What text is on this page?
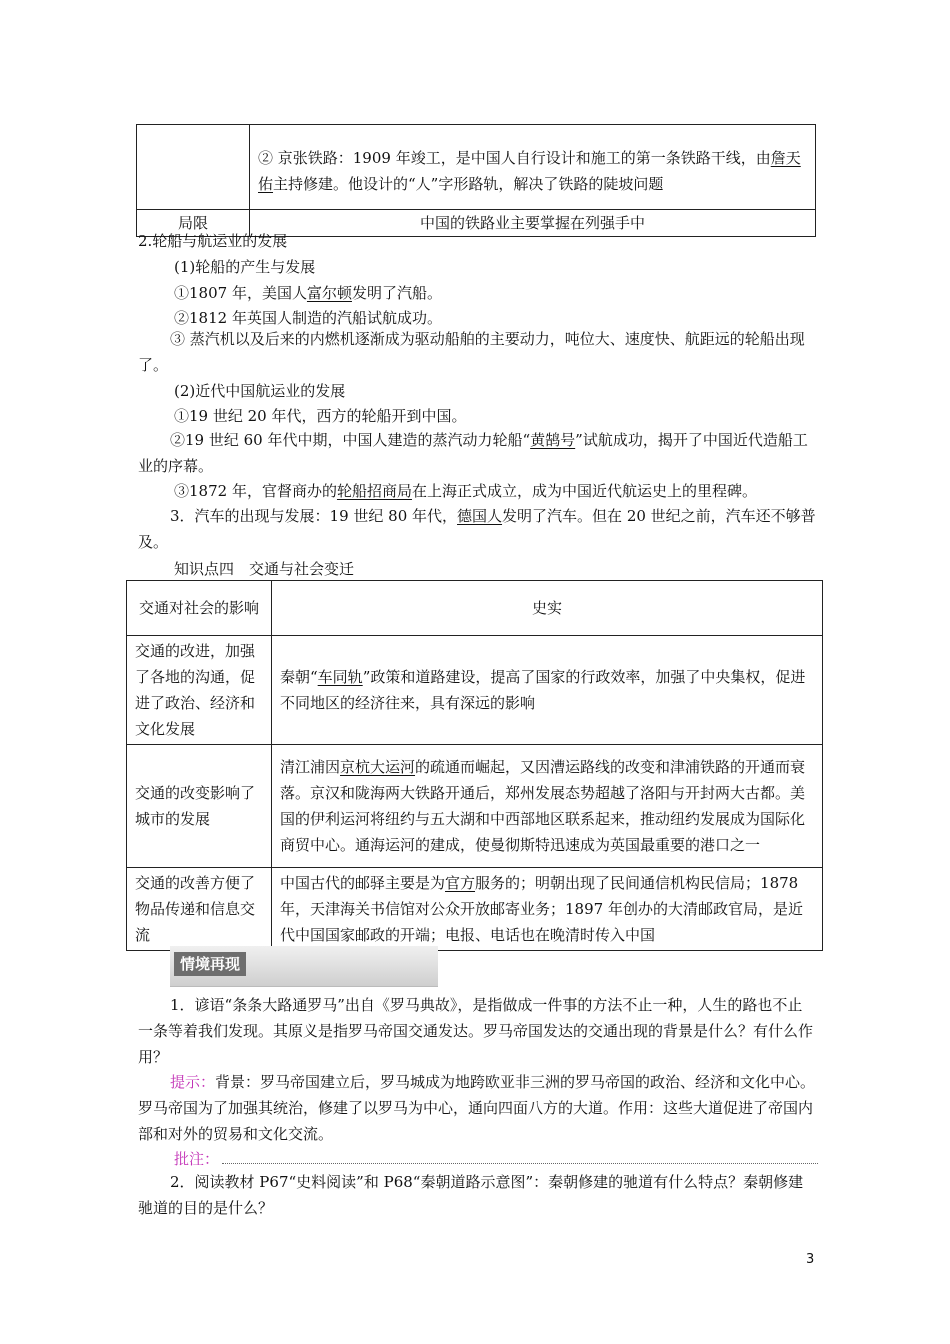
	② 京张铁路：1909 年竣工，是中国人自行设计和施工的第一条铁路干线，由詹天佑主持修建。他设计的“人”字形路轨，解决了铁路的陡坡问题
局限	中国的铁路业主要掌握在列强手中

2.轮船与航运业的发展

(1)轮船的产生与发展

①1807 年，美国人富尔顿发明了汽船。

②1812 年英国人制造的汽船试航成功。

③ 蒸汽机以及后来的内燃机逐渐成为驱动船舶的主要动力，吨位大、速度快、航距远的轮船出现了。

(2)近代中国航运业的发展

①19 世纪 20 年代，西方的轮船开到中国。

②19 世纪 60 年代中期，中国人建造的蒸汽动力轮船“黄鹄号”试航成功，揭开了中国近代造船工业的序幕。

③1872 年，官督商办的轮船招商局在上海正式成立，成为中国近代航运史上的里程碑。

3．汽车的出现与发展：19 世纪 80 年代，德国人发明了汽车。但在 20 世纪之前，汽车还不够普及。

知识点四　交通与社会变迁

交通对社会的影响	史实
交通的改进，加强了各地的沟通，促进了政治、经济和文化发展	秦朝“车同轨”政策和道路建设，提高了国家的行政效率，加强了中央集权，促进不同地区的经济往来，具有深远的影响
交通的改变影响了城市的发展	清江浦因京杭大运河的疏通而崛起，又因漕运路线的改变和津浦铁路的开通而衰落。京汉和陇海两大铁路开通后，郑州发展态势超越了洛阳与开封两大古都。美国的伊利运河将纽约与五大湖和中西部地区联系起来，推动纽约发展成为国际化商贸中心。通海运河的建成，使曼彻斯特迅速成为英国最重要的港口之一
交通的改善方便了物品传递和信息交流	中国古代的邮驿主要是为官方服务的；明朝出现了民间通信机构民信局；1878 年，天津海关书信馆对公众开放邮寄业务；1897 年创办的大清邮政官局，是近代中国国家邮政的开端；电报、电话也在晚清时传入中国
情境再现

1．谚语“条条大路通罗马”出自《罗马典故》，是指做成一件事的方法不止一种，人生的路也不止一条等着我们发现。其原义是指罗马帝国交通发达。罗马帝国发达的交通出现的背景是什么？有什么作用？

提示：背景：罗马帝国建立后，罗马城成为地跨欧亚非三洲的罗马帝国的政治、经济和文化中心。罗马帝国为了加强其统治，修建了以罗马为中心，通向四面八方的大道。作用：这些大道促进了帝国内部和对外的贸易和文化交流。

批注：

2．阅读教材 P67“史料阅读”和 P68“秦朝道路示意图”：秦朝修建的驰道有什么特点？秦朝修建驰道的目的是什么？

3
